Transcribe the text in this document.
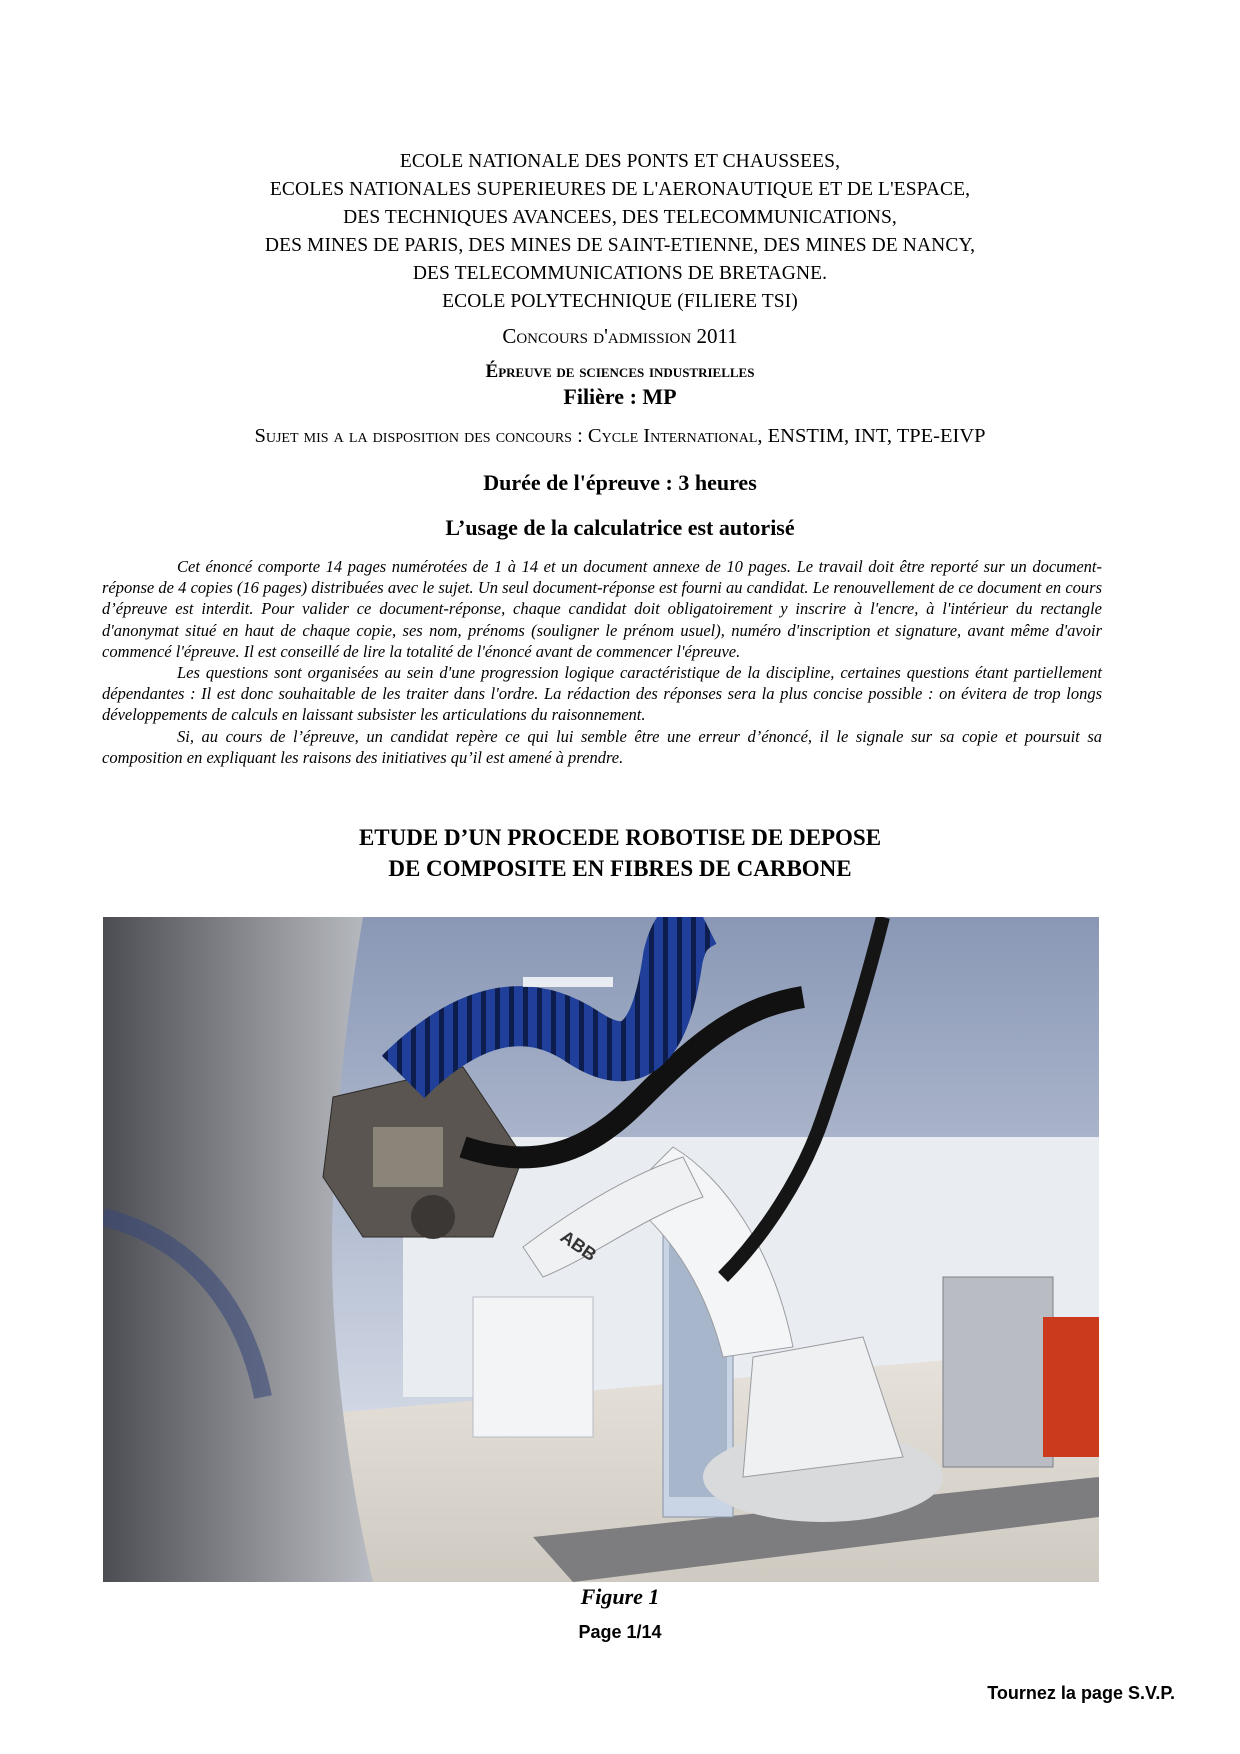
ECOLE NATIONALE DES PONTS ET CHAUSSEES,
ECOLES NATIONALES SUPERIEURES DE L'AERONAUTIQUE ET DE L'ESPACE,
DES TECHNIQUES AVANCEES, DES TELECOMMUNICATIONS,
DES MINES DE PARIS, DES MINES DE SAINT-ETIENNE, DES MINES DE NANCY,
DES TELECOMMUNICATIONS DE BRETAGNE.
ECOLE POLYTECHNIQUE (FILIERE TSI)
Concours d'admission 2011
Épreuve de sciences industrielles
Filière : MP
Sujet mis a la disposition des concours : Cycle International, ENSTIM, INT, TPE-EIVP
Durée de l'épreuve : 3 heures
L’usage de la calculatrice est autorisé

Cet énoncé comporte 14 pages numérotées de 1 à 14 et un document annexe de 10 pages. Le travail doit être reporté sur un document-réponse de 4 copies (16 pages) distribuées avec le sujet. Un seul document-réponse est fourni au candidat. Le renouvellement de ce document en cours d’épreuve est interdit. Pour valider ce document-réponse, chaque candidat doit obligatoirement y inscrire à l'encre, à l'intérieur du rectangle d'anonymat situé en haut de chaque copie, ses nom, prénoms (souligner le prénom usuel), numéro d'inscription et signature, avant même d'avoir commencé l'épreuve. Il est conseillé de lire la totalité de l'énoncé avant de commencer l'épreuve.

Les questions sont organisées au sein d'une progression logique caractéristique de la discipline, certaines questions étant partiellement dépendantes : Il est donc souhaitable de les traiter dans l'ordre. La rédaction des réponses sera la plus concise possible : on évitera de trop longs développements de calculs en laissant subsister les articulations du raisonnement.

Si, au cours de l’épreuve, un candidat repère ce qui lui semble être une erreur d’énoncé, il le signale sur sa copie et poursuit sa composition en expliquant les raisons des initiatives qu’il est amené à prendre.

ETUDE D’UN PROCEDE ROBOTISE DE DEPOSE
DE COMPOSITE EN FIBRES DE CARBONE
ABB
Figure 1
Page 1/14
Tournez la page S.V.P.
